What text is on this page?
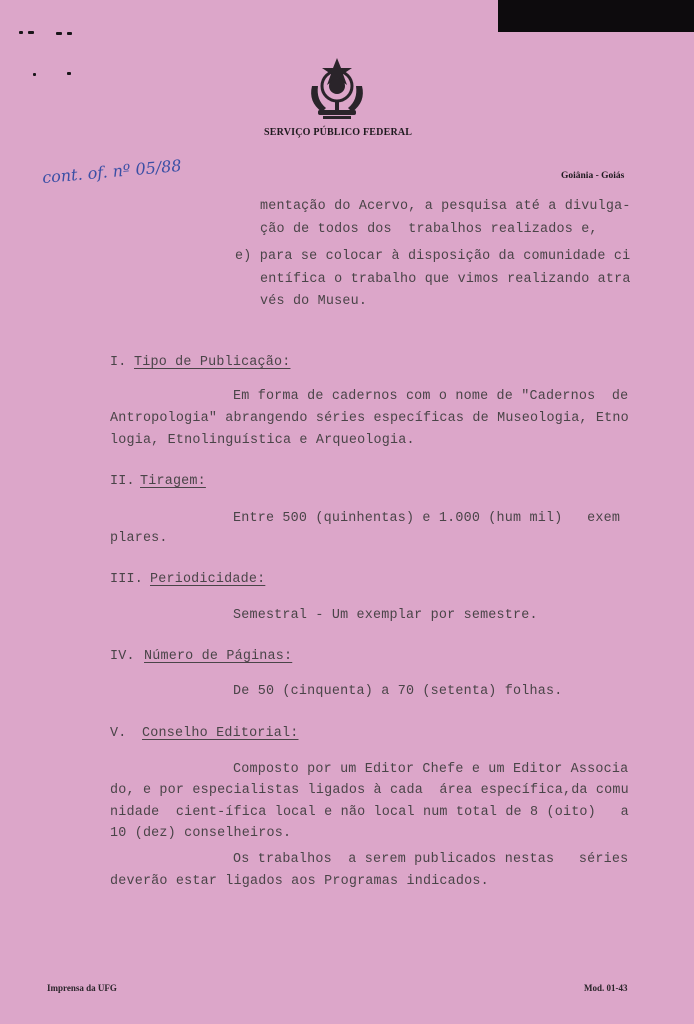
SERVIÇO PÚBLICO FEDERAL
Goiânia - Goiás
cont. of. nº 05/88
mentação do Acervo, a pesquisa até a divulga-
ção de todos dos  trabalhos realizados e,
e) para se colocar à disposição da comunidade ci
entífica o trabalho que vimos realizando atra
vés do Museu.
I. Tipo de Publicação:
Em forma de cadernos com o nome de "Cadernos  de
Antropologia" abrangendo séries específicas de Museologia, Etno
logia, Etnolinguística e Arqueologia.
II. Tiragem:
Entre 500 (quinhentas) e 1.000 (hum mil)   exem
plares.
III. Periodicidade:
Semestral - Um exemplar por semestre.
IV. Número de Páginas:
De 50 (cinquenta) a 70 (setenta) folhas.
V. Conselho Editorial:
Composto por um Editor Chefe e um Editor Associa
do, e por especialistas ligados à cada  área específica,da comu
nidade  cient-ífica local e não local num total de 8 (oito)   a
10 (dez) conselheiros.
Os trabalhos  a serem publicados nestas   séries
deverão estar ligados aos Programas indicados.
Imprensa da UFG	Mod. 01-43
